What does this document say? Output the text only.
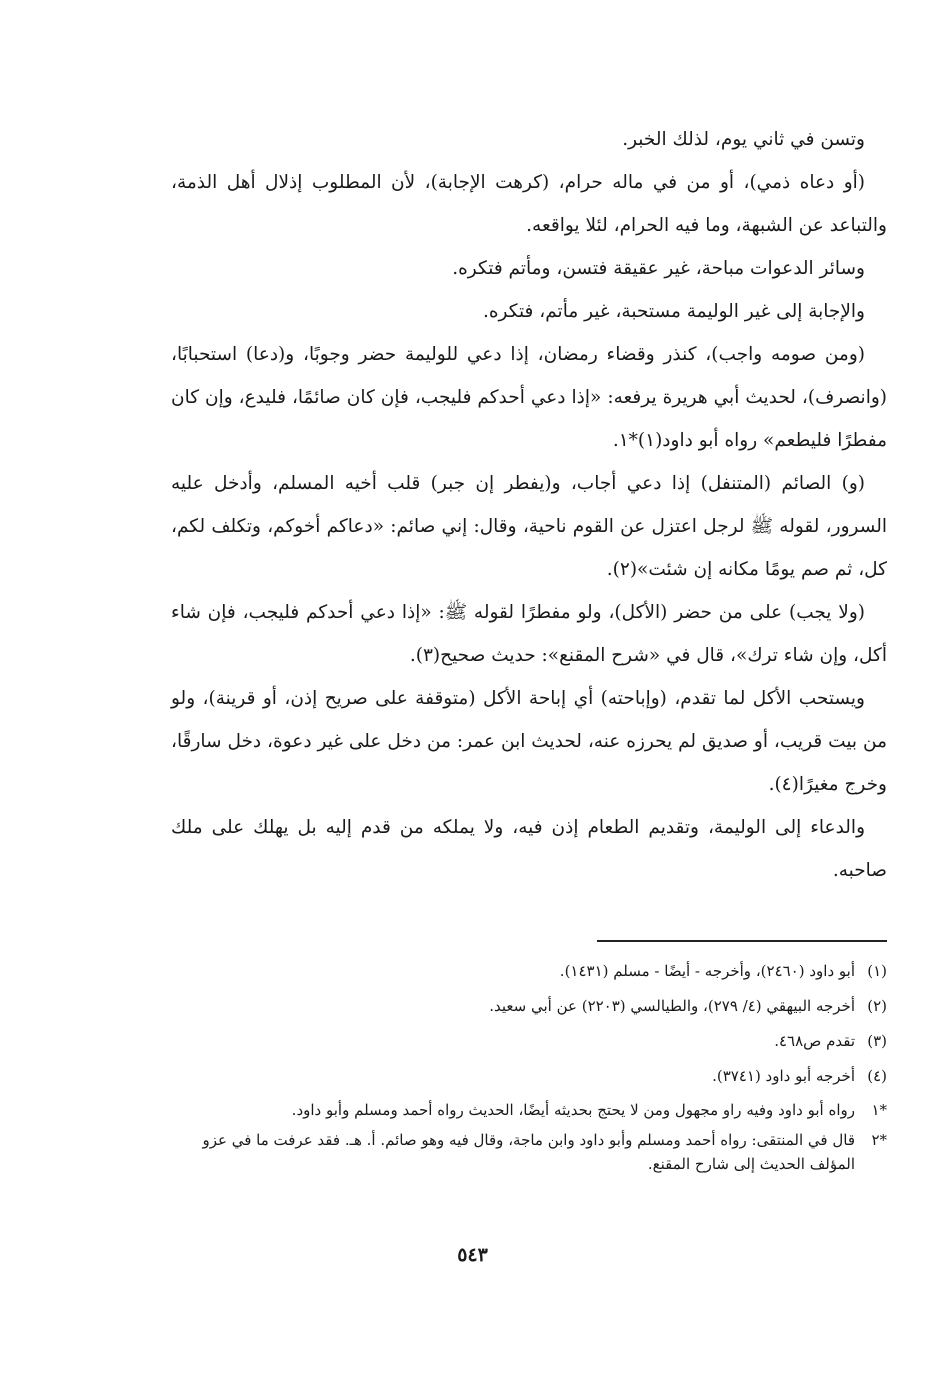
وتسن في ثاني يوم، لذلك الخبر.

(أو دعاه ذمي)، أو من في ماله حرام، (كرهت الإجابة)، لأن المطلوب إذلال أهل الذمة، والتباعد عن الشبهة، وما فيه الحرام، لئلا يواقعه.

وسائر الدعوات مباحة، غير عقيقة فتسن، ومأتم فتكره.

والإجابة إلى غير الوليمة مستحبة، غير مأتم، فتكره.

(ومن صومه واجب)، كنذر وقضاء رمضان، إذا دعي للوليمة حضر وجوبًا، و(دعا) استحبابًا، (وانصرف)، لحديث أبي هريرة يرفعه: «إذا دعي أحدكم فليجب، فإن كان صائمًا، فليدع، وإن كان مفطرًا فليطعم» رواه أبو داود(١)*١.

(و) الصائم (المتنفل) إذا دعي أجاب، و(يفطر إن جبر) قلب أخيه المسلم، وأدخل عليه السرور، لقوله ﷺ لرجل اعتزل عن القوم ناحية، وقال: إني صائم: «دعاكم أخوكم، وتكلف لكم، كل، ثم صم يومًا مكانه إن شئت»(٢).

(ولا يجب) على من حضر (الأكل)، ولو مفطرًا لقوله ﷺ: «إذا دعي أحدكم فليجب، فإن شاء أكل، وإن شاء ترك»، قال في «شرح المقنع»: حديث صحيح(٣).

ويستحب الأكل لما تقدم، (وإباحته) أي إباحة الأكل (متوقفة على صريح إذن، أو قرينة)، ولو من بيت قريب، أو صديق لم يحرزه عنه، لحديث ابن عمر: من دخل على غير دعوة، دخل سارقًا، وخرج مغيرًا(٤).

والدعاء إلى الوليمة، وتقديم الطعام إذن فيه، ولا يملكه من قدم إليه بل يهلك على ملك صاحبه.

(١)
أبو داود (٢٤٦٠)، وأخرجه - أيضًا - مسلم (١٤٣١).
(٢)
أخرجه البيهقي (٤/ ٢٧٩)، والطيالسي (٢٢٠٣) عن أبي سعيد.
(٣)
تقدم ص٤٦٨.
(٤)
أخرجه أبو داود (٣٧٤١).
*١
رواه أبو داود وفيه راو مجهول ومن لا يحتج بحديثه أيضًا، الحديث رواه أحمد ومسلم وأبو داود.
*٢
قال في المنتقى: رواه أحمد ومسلم وأبو داود وابن ماجة، وقال فيه وهو صائم. أ. هـ. فقد عرفت ما في عزو المؤلف الحديث إلى شارح المقنع.
٥٤٣
